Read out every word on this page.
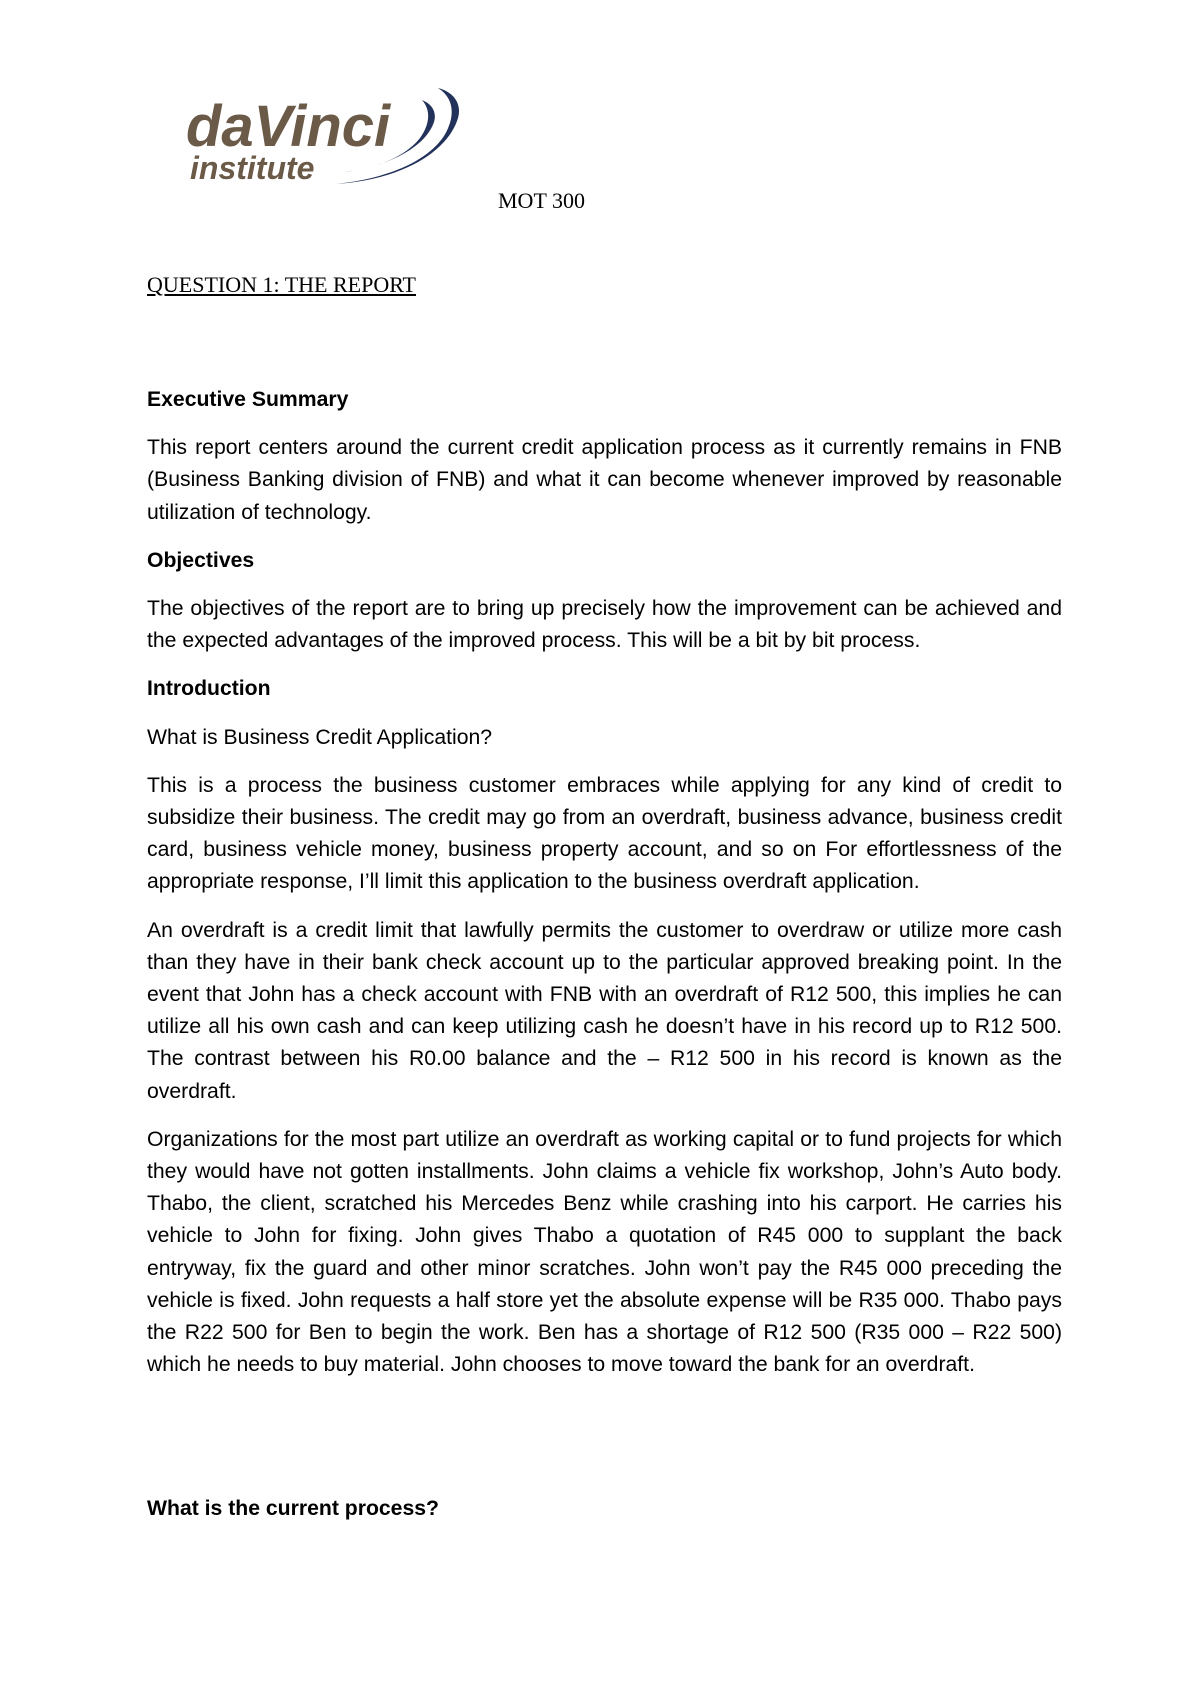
daVinci
institute
MOT 300
QUESTION 1: THE REPORT
Executive Summary

This report centers around the current credit application process as it currently remains in FNB (Business Banking division of FNB) and what it can become whenever improved by reasonable utilization of technology.

Objectives

The objectives of the report are to bring up precisely how the improvement can be achieved and the expected advantages of the improved process. This will be a bit by bit process.

Introduction

What is Business Credit Application?

This is a process the business customer embraces while applying for any kind of credit to subsidize their business. The credit may go from an overdraft, business advance, business credit card, business vehicle money, business property account, and so on For effortlessness of the appropriate response, I’ll limit this application to the business overdraft application.

An overdraft is a credit limit that lawfully permits the customer to overdraw or utilize more cash than they have in their bank check account up to the particular approved breaking point. In the event that John has a check account with FNB with an overdraft of R12 500, this implies he can utilize all his own cash and can keep utilizing cash he doesn’t have in his record up to R12 500. The contrast between his R0.00 balance and the – R12 500 in his record is known as the overdraft.

Organizations for the most part utilize an overdraft as working capital or to fund projects for which they would have not gotten installments. John claims a vehicle fix workshop, John’s Auto body. Thabo, the client, scratched his Mercedes Benz while crashing into his carport. He carries his vehicle to John for fixing. John gives Thabo a quotation of R45 000 to supplant the back entryway, fix the guard and other minor scratches. John won’t pay the R45 000 preceding the vehicle is fixed. John requests a half store yet the absolute expense will be R35 000. Thabo pays the R22 500 for Ben to begin the work. Ben has a shortage of R12 500 (R35 000 – R22 500) which he needs to buy material. John chooses to move toward the bank for an overdraft.

What is the current process?
